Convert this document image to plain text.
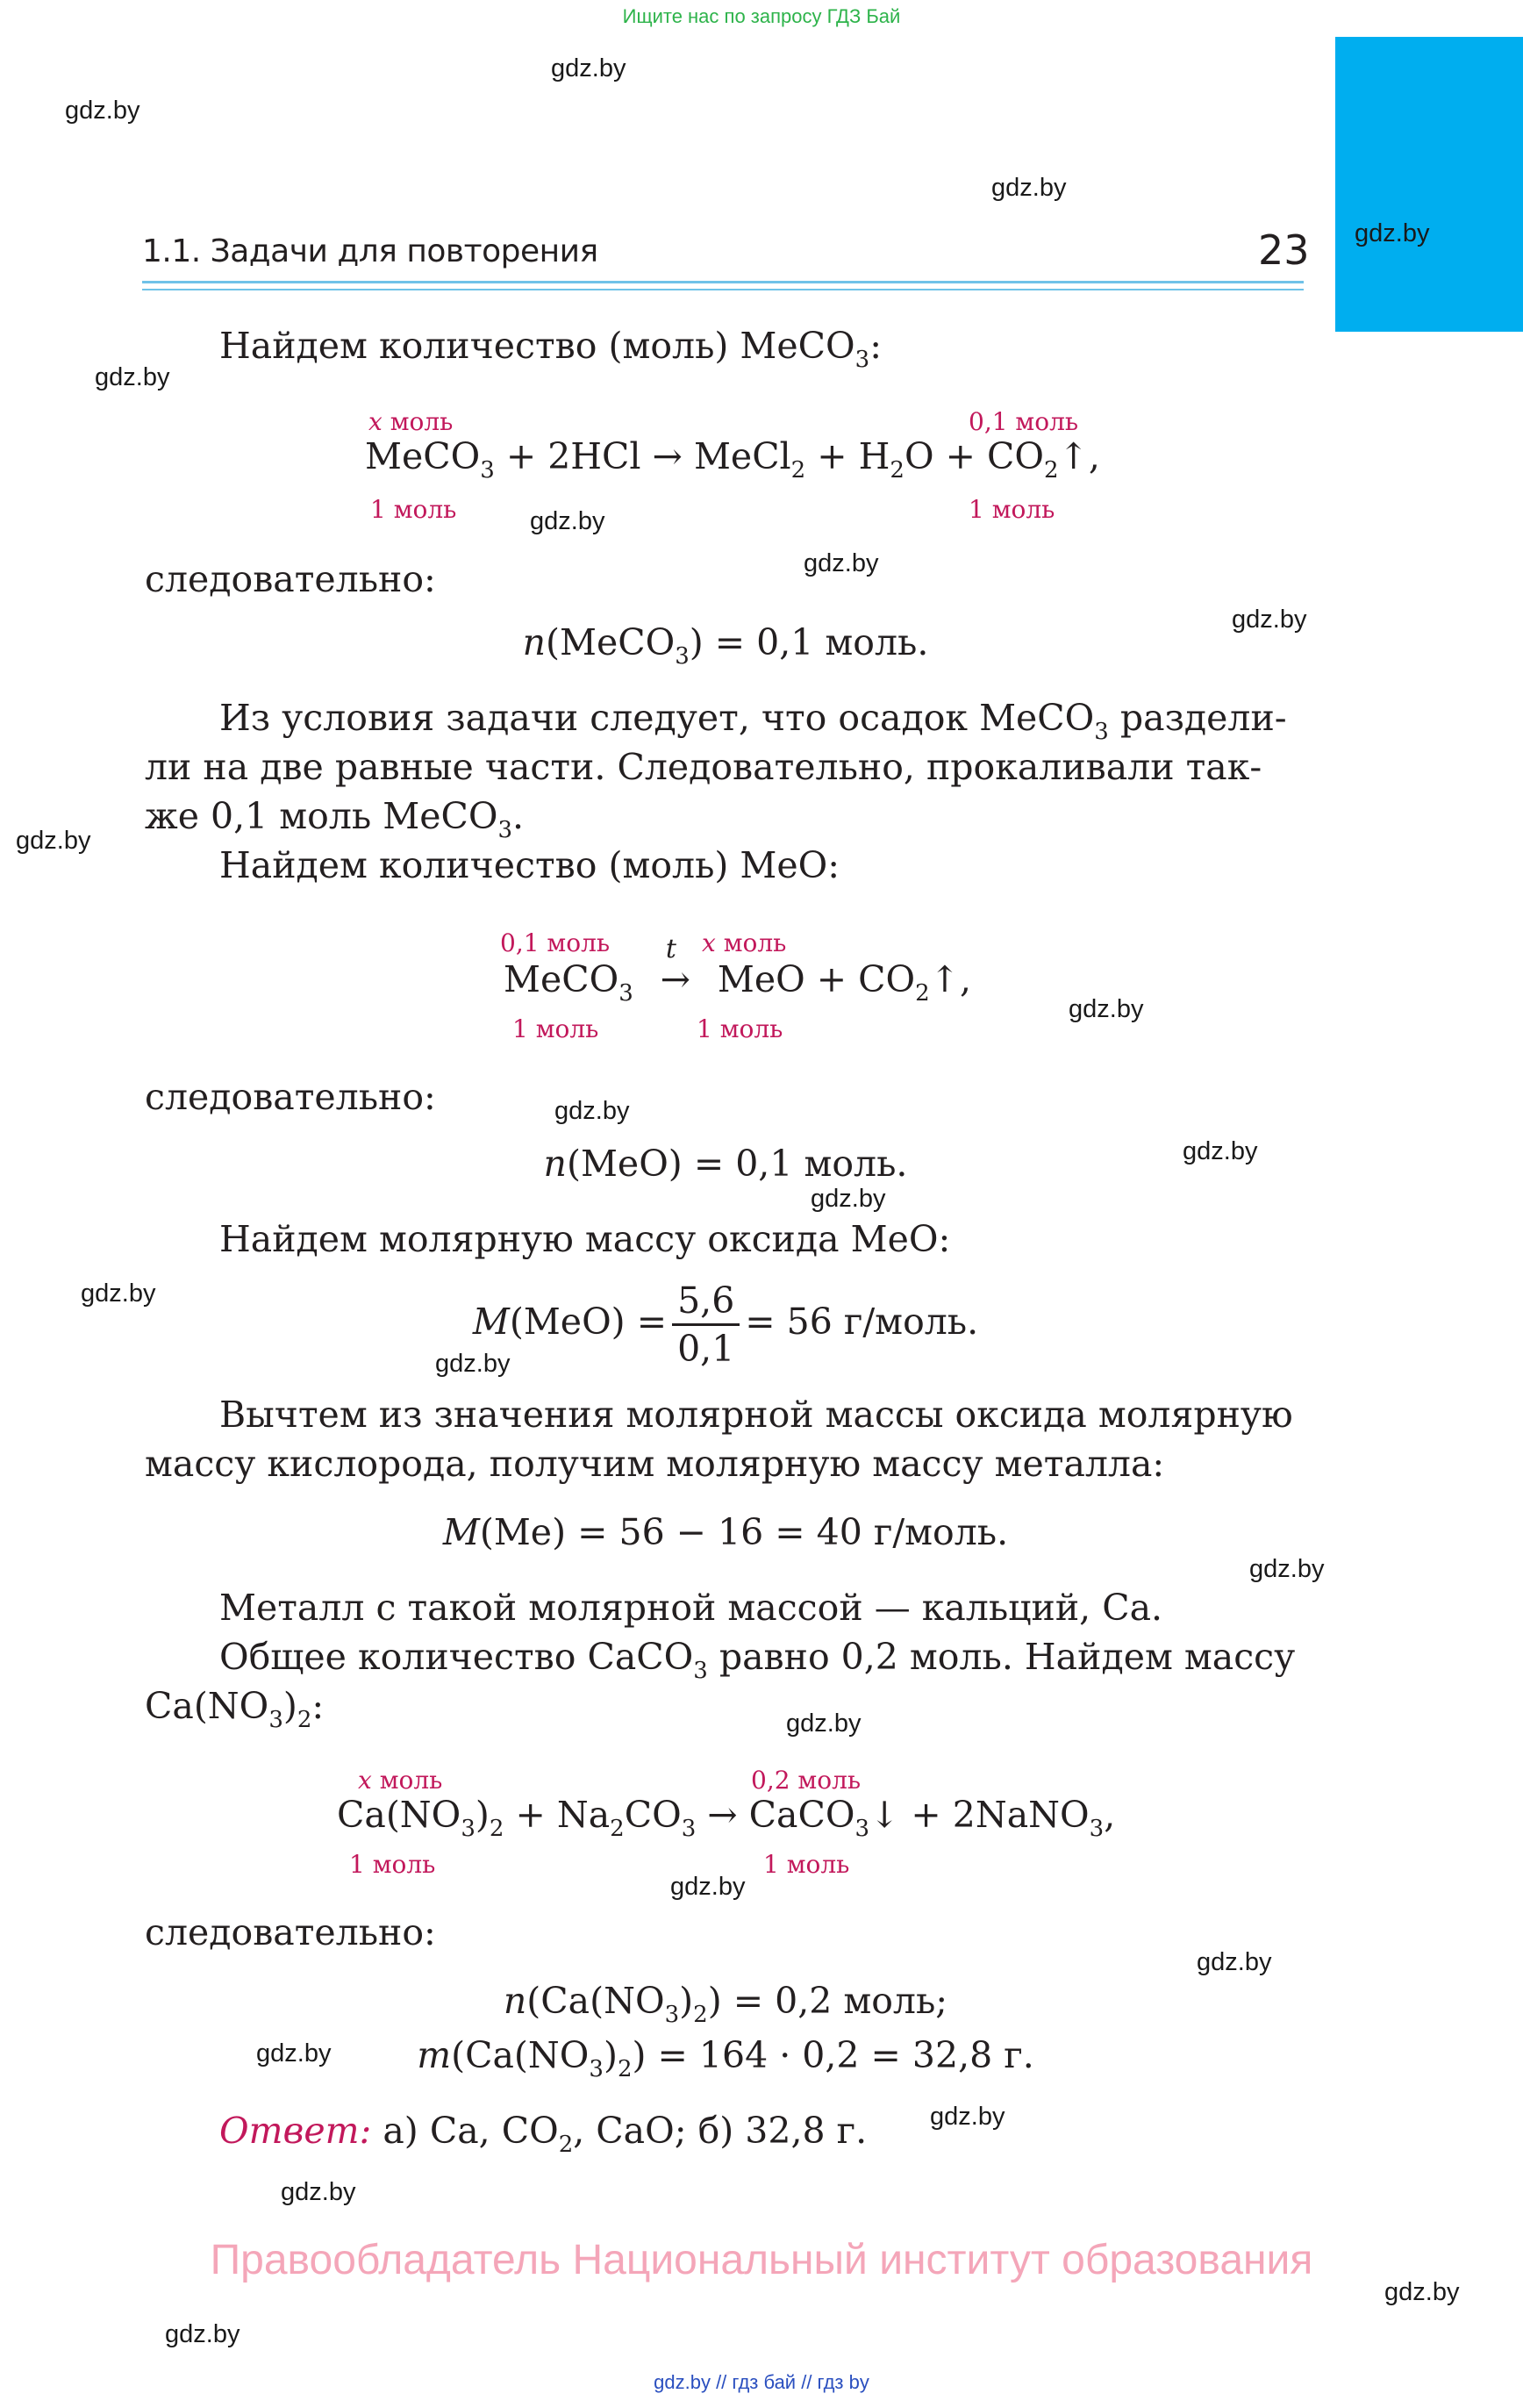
Ищите нас по запросу ГДЗ Бай
1.1. Задачи для повторения	23
gdz.by
gdz.by
gdz.by
gdz.by
gdz.by
gdz.by
gdz.by
gdz.by
gdz.by
gdz.by
gdz.by
gdz.by
gdz.by
gdz.by
gdz.by
gdz.by
gdz.by
gdz.by
gdz.by
gdz.by
gdz.by
gdz.by
gdz.by
gdz.by
Найдем количество (моль) MeCO$_3$:
x моль	0,1 моль
MeCO$_3$ + 2HCl → MeCl$_2$ + $H_2O$ + $CO_2↑$,
1 моль	1 моль
следовательно:
n(MeCO$_3$) = 0,1 моль.
Из условия задачи следует, что осадок MeCO$_3$ раздели-
ли на две равные части. Следовательно, прокаливали так-
же 0,1 моль MeCO$_3$.
Найдем количество (моль) MeO:
0,1 моль	x моль
MeCO$_3$ →
t
MeO + $CO_2↑$,
1 моль	1 моль
следовательно:
n(MeO) = 0,1 моль.
Найдем молярную массу оксида MeO:
$M(MeO) = \frac{5,6}{0,1} = 56$ г/моль.
Вычтем из значения молярной массы оксида молярную
массу кислорода, получим молярную массу металла:
M(Me) = 56 − 16 = 40 г/моль.
Металл с такой молярной массой — кальций, Ca.
Общее количество CaCO$_3$ равно 0,2 моль. Найдем массу
$Ca(NO_3)_2$:
x моль	0,2 моль
$Ca(NO_3)_2 + Na_2CO_3$ → CaCO$_3$↓ + 2NaNO$_3$,
1 моль	1 моль
следовательно:
$n(Ca(NO_3)_2) = 0,2$ моль;
$m(Ca(NO_3)_2) = 164 \cdot 0,2 = 32,8$ г.
Ответ: а) Ca, $CO_2$, CaO; б) 32,8 г.
Правообладатель Национальный институт образования
gdz.by // гдз бай // гдз by
